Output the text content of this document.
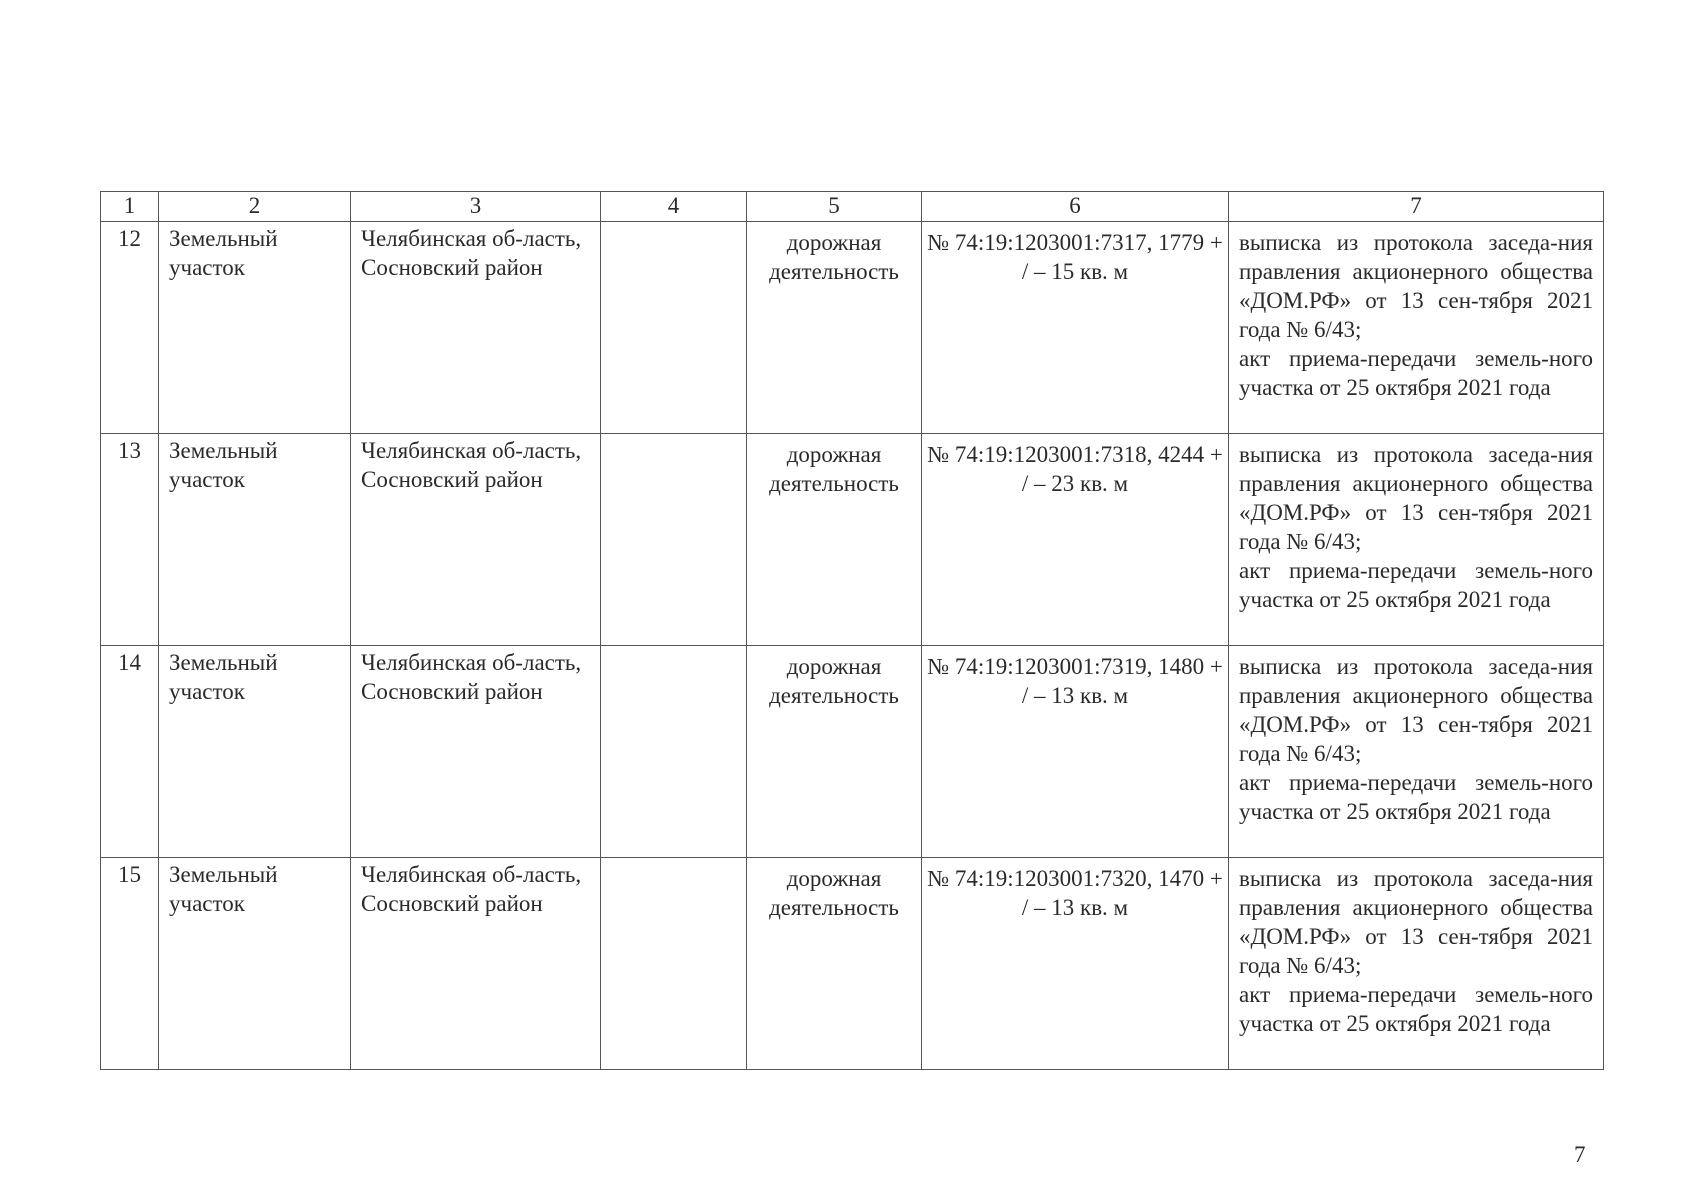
1	2	3	4	5	6	7
12	Земельный участок	Челябинская об-ласть, Сосновский район		дорожная деятельность	№ 74:19:1203001:7317, 1779 + / – 15 кв. м	выписка из протокола заседа-ния правления акционерного общества «ДОМ.РФ» от 13 сен-тября 2021 года № 6/43;

акт приема-передачи земель-ного участка от 25 октября 2021 года

13	Земельный участок	Челябинская об-ласть, Сосновский район		дорожная деятельность	№ 74:19:1203001:7318, 4244 + / – 23 кв. м	выписка из протокола заседа-ния правления акционерного общества «ДОМ.РФ» от 13 сен-тября 2021 года № 6/43;

акт приема-передачи земель-ного участка от 25 октября 2021 года

14	Земельный участок	Челябинская об-ласть, Сосновский район		дорожная деятельность	№ 74:19:1203001:7319, 1480 + / – 13 кв. м	выписка из протокола заседа-ния правления акционерного общества «ДОМ.РФ» от 13 сен-тября 2021 года № 6/43;

акт приема-передачи земель-ного участка от 25 октября 2021 года

15	Земельный участок	Челябинская об-ласть, Сосновский район		дорожная деятельность	№ 74:19:1203001:7320, 1470 + / – 13 кв. м	выписка из протокола заседа-ния правления акционерного общества «ДОМ.РФ» от 13 сен-тября 2021 года № 6/43;

акт приема-передачи земель-ного участка от 25 октября 2021 года

7
